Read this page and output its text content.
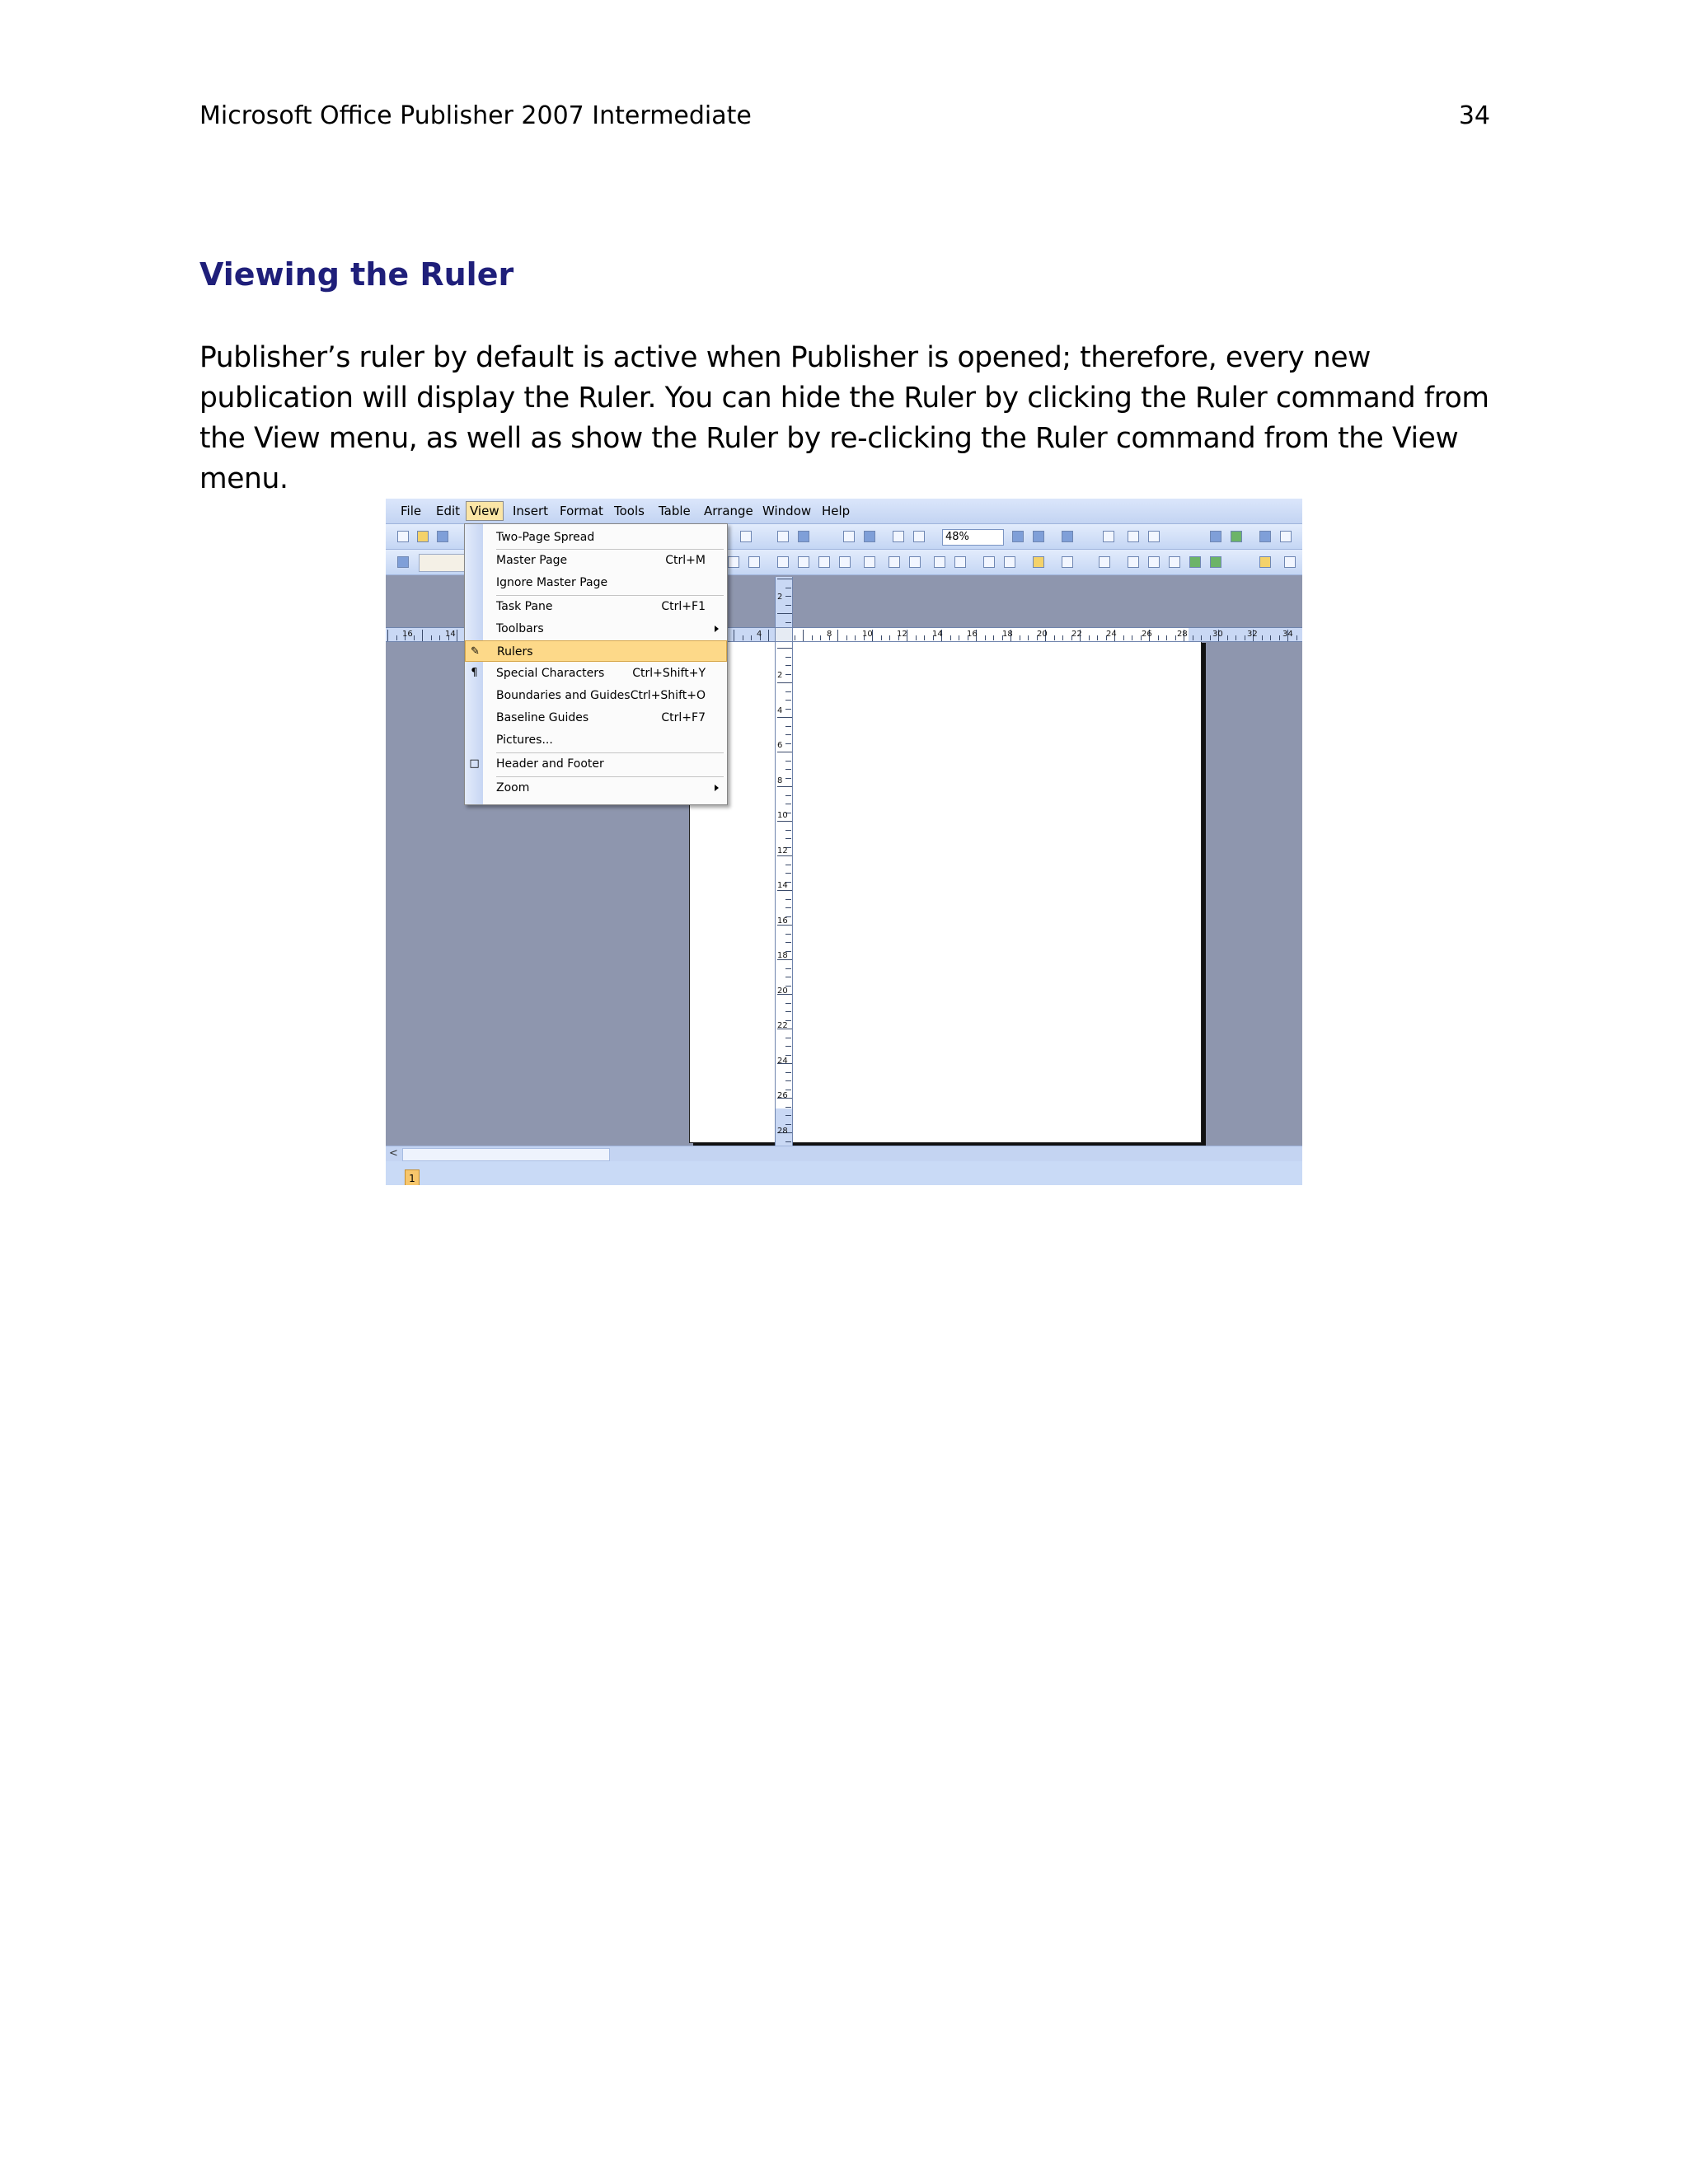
Microsoft Office Publisher 2007 Intermediate	34
Viewing the Ruler

Publisher’s ruler by default is active when Publisher is opened; therefore, every new publication will display the Ruler. You can hide the Ruler by clicking the Ruler command from the View menu, as well as show the Ruler by re-clicking the Ruler command from the View menu.

File Edit View	Insert Format Tools Table Arrange Window Help
48%
16	14	4	8	10	12	14	16	18	20	22	24	26	28	30	32	34
2
2
4
6
8
10
12
14
16
18
20
22
24
26
28
Two-Page Spread
Master Page	Ctrl+M
Ignore Master Page
Task Pane	Ctrl+F1
Toolbars
✎ Rulers
¶ Special Characters Ctrl+Shift+Y
Boundaries and Guides Ctrl+Shift+O
Baseline Guides	Ctrl+F7
Pictures...
□ Header and Footer
Zoom
<
1
